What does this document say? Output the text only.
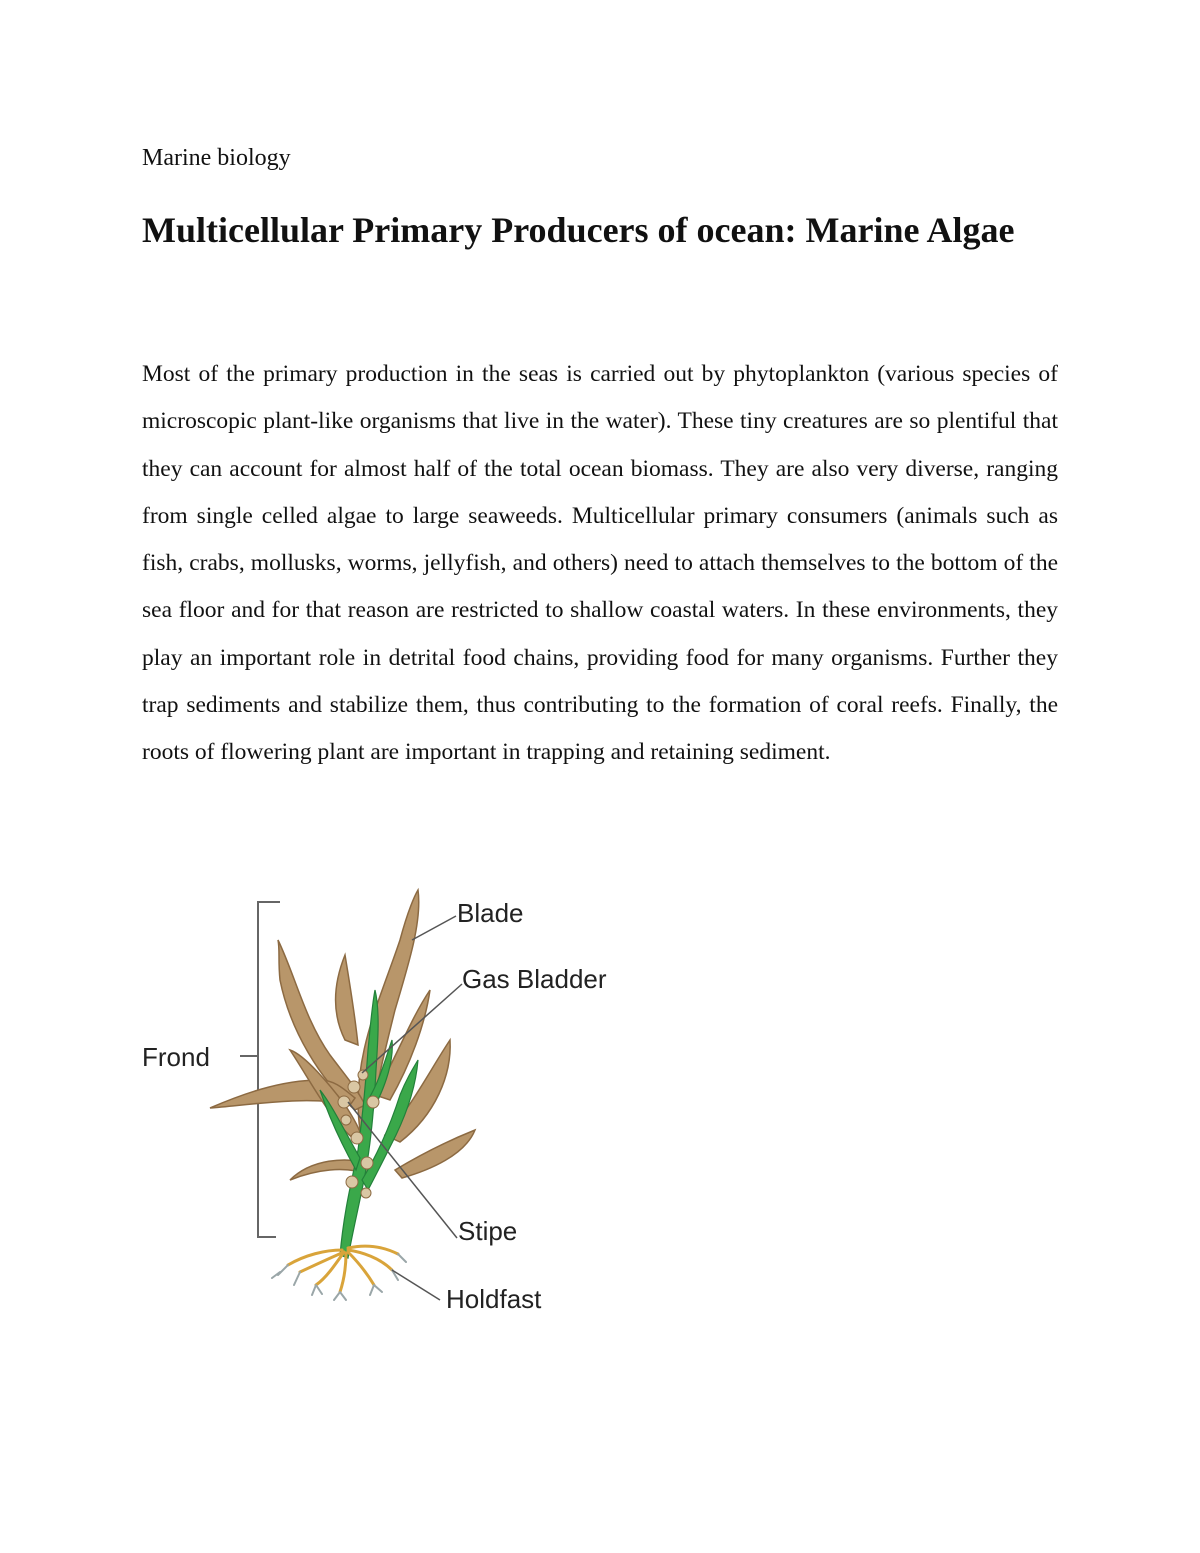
Marine biology

Multicellular Primary Producers of ocean: Marine Algae

Most of the primary production in the seas is carried out by phytoplankton (various species of microscopic plant-like organisms that live in the water). These tiny creatures are so plentiful that they can account for almost half of the total ocean biomass. They are also very diverse, ranging from single celled algae to large seaweeds. Multicellular primary consumers (animals such as fish, crabs, mollusks, worms, jellyfish, and others) need to attach themselves to the bottom of the sea floor and for that reason are restricted to shallow coastal waters. In these environments, they play an important role in detrital food chains, providing food for many organisms. Further they trap sediments and stabilize them, thus contributing to the formation of coral reefs. Finally, the roots of flowering plant are important in trapping and retaining sediment.

Blade
Gas Bladder
Frond
Stipe
Holdfast
